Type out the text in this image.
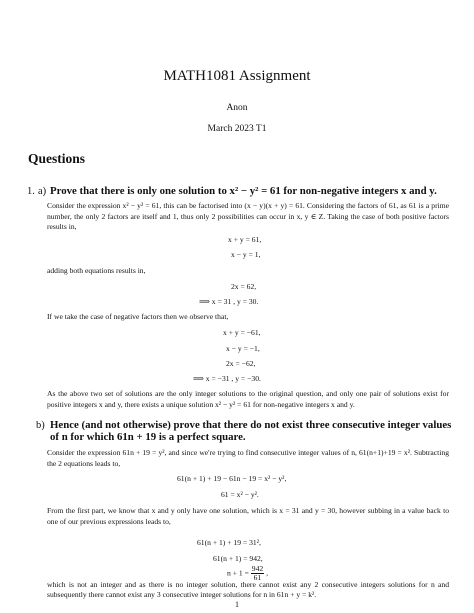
MATH1081 Assignment
Anon
March 2023 T1
Questions
1. a) Prove that there is only one solution to x² − y² = 61 for non-negative integers x and y.
Consider the expression x² − y² = 61, this can be factorised into (x − y)(x + y) = 61. Considering the factors of 61, as 61 is a prime number, the only 2 factors are itself and 1, thus only 2 possibilities can occur in x, y ∈ Z. Taking the case of both positive factors results in,
x + y = 61,
x − y = 1,
adding both equations results in,
2x = 62,
⟹ x = 31 , y = 30.
If we take the case of negative factors then we observe that,
x + y = −61,
x − y = −1,
2x = −62,
⟹ x = −31 , y = −30.
As the above two set of solutions are the only integer solutions to the original question, and only one pair of solutions exist for positive integers x and y, there exists a unique solution x² − y² = 61 for non-negative integers x and y.
b) Hence (and not otherwise) prove that there do not exist three consecutive integer values of n for which 61n + 19 is a perfect square.
Consider the expression 61n + 19 = y², and since we're trying to find consecutive integer values of n, 61(n+1)+19 = x². Subtracting the 2 equations leads to,
61(n + 1) + 19 − 61n − 19 = x² − y²,
61 = x² − y².
From the first part, we know that x and y only have one solution, which is x = 31 and y = 30, however subbing in a value back to one of our previous expressions leads to,
61(n + 1) + 19 = 31²,
61(n + 1) = 942,
$n + 1 = \frac{942}{61}$ ,
which is not an integer and as there is no integer solution, there cannot exist any 2 consecutive integers solutions for n and subsequently there cannot exist any 3 consecutive integer solutions for n in 61n + y = k².
1
